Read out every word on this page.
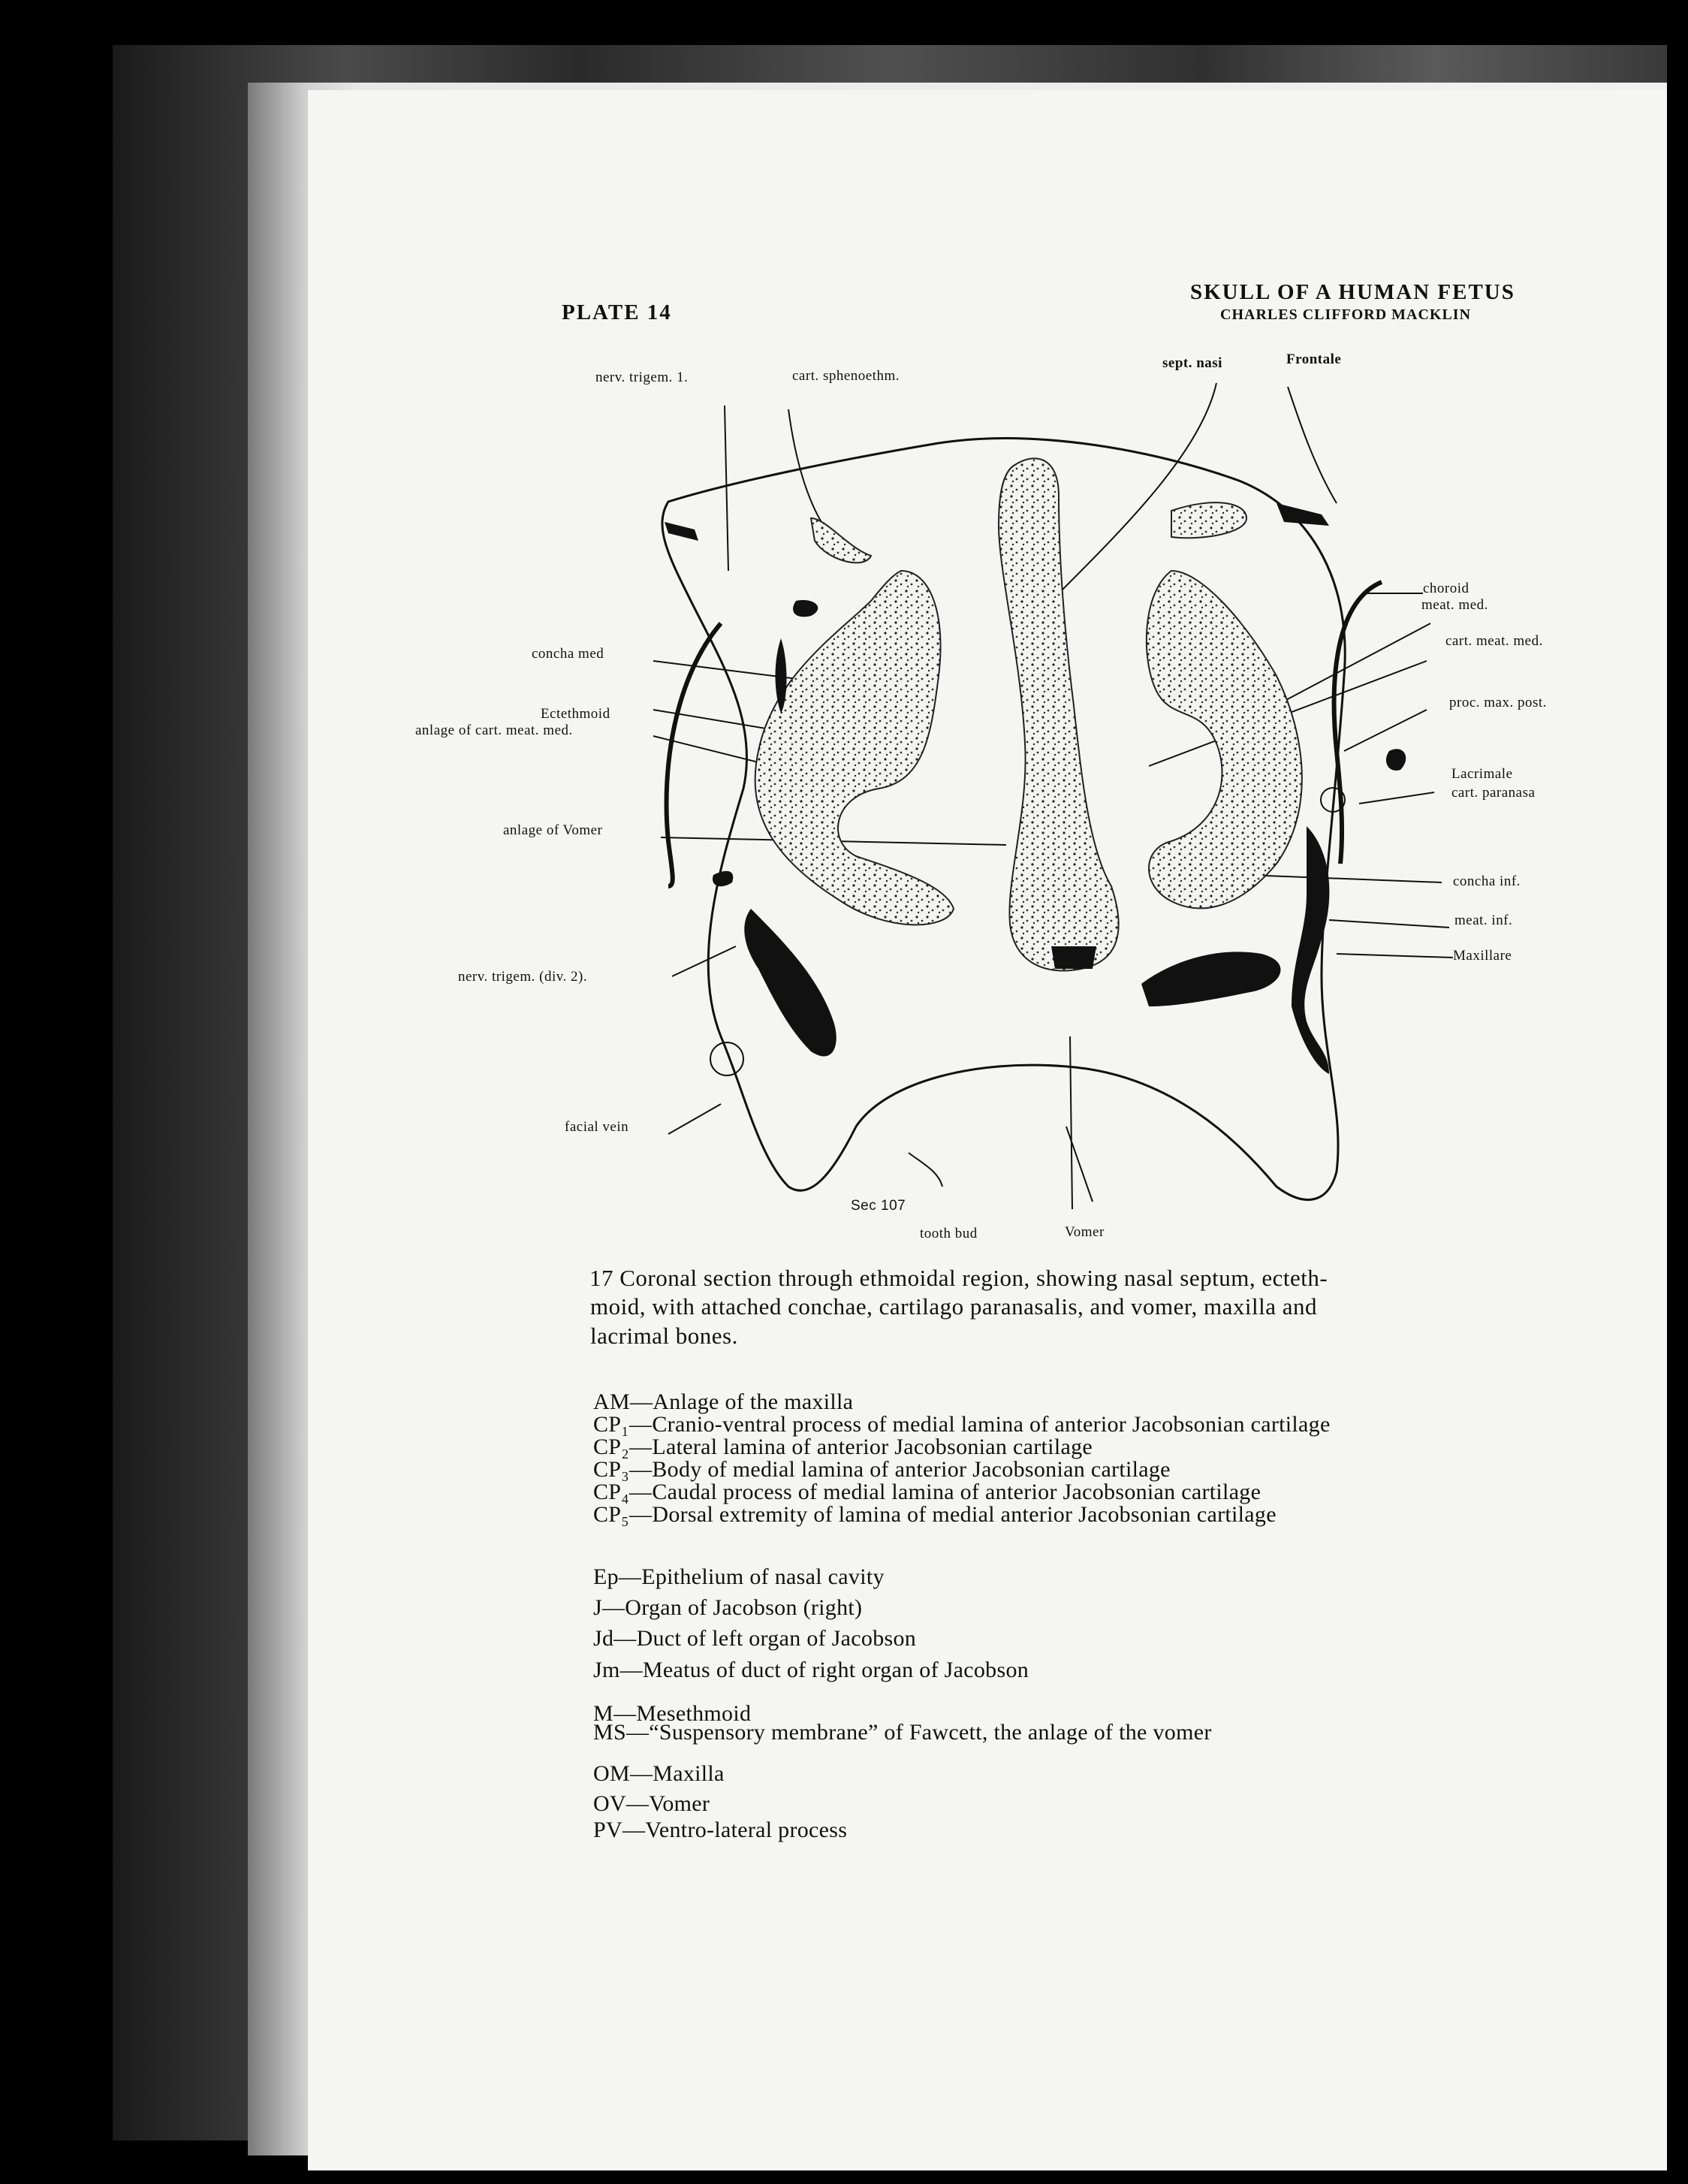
PLATE 14
SKULL OF A HUMAN FETUS
CHARLES CLIFFORD MACKLIN
nerv. trigem. 1.	cart. sphenoethm.
sept. nasi	Frontale
choroid
meat. med.
cart. meat. med.
proc. max. post.
Lacrimale
cart. paranasa
concha inf.
meat. inf.
Maxillare
concha med
Ectethmoid
anlage of cart. meat. med.
anlage of Vomer
nerv. trigem. (div. 2).
facial vein
Sec 107
tooth bud	Vomer
17 Coronal section through ethmoidal region, showing nasal septum, ecteth-
moid, with attached conchae, cartilago paranasalis, and vomer, maxilla and
lacrimal bones.
AM—Anlage of the maxilla
CP₁—Cranio-ventral process of medial lamina of anterior Jacobsonian cartilage
CP₂—Lateral lamina of anterior Jacobsonian cartilage
CP₃—Body of medial lamina of anterior Jacobsonian cartilage
CP₄—Caudal process of medial lamina of anterior Jacobsonian cartilage
CP₅—Dorsal extremity of lamina of medial anterior Jacobsonian cartilage
Ep—Epithelium of nasal cavity
J—Organ of Jacobson (right)
Jd—Duct of left organ of Jacobson
Jm—Meatus of duct of right organ of Jacobson
M—Mesethmoid
MS—“Suspensory membrane” of Fawcett, the anlage of the vomer
OM—Maxilla
OV—Vomer
PV—Ventro-lateral process
